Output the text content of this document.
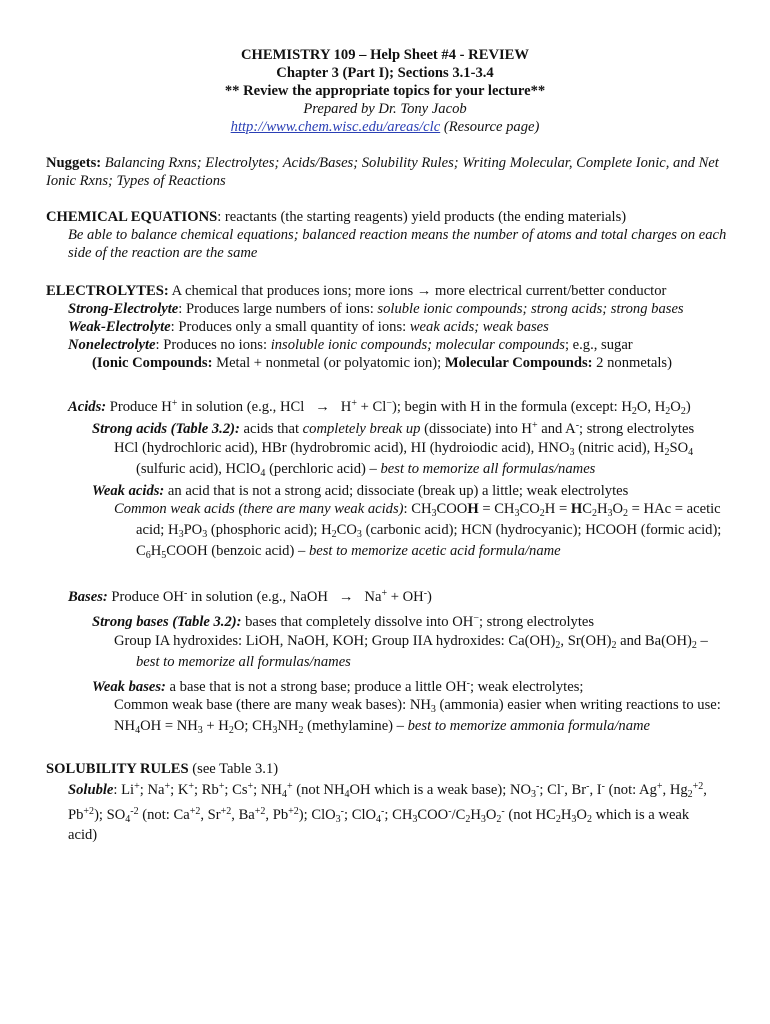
CHEMISTRY 109 – Help Sheet #4 - REVIEW
Chapter 3 (Part I); Sections 3.1-3.4
** Review the appropriate topics for your lecture**
Prepared by Dr. Tony Jacob
http://www.chem.wisc.edu/areas/clc (Resource page)
Nuggets: Balancing Rxns; Electrolytes; Acids/Bases; Solubility Rules; Writing Molecular, Complete Ionic, and Net
Ionic Rxns; Types of Reactions
CHEMICAL EQUATIONS: reactants (the starting reagents) yield products (the ending materials)
Be able to balance chemical equations; balanced reaction means the number of atoms and total charges on each
side of the reaction are the same
ELECTROLYTES: A chemical that produces ions; more ions → more electrical current/better conductor
Strong-Electrolyte: Produces large numbers of ions: soluble ionic compounds; strong acids; strong bases
Weak-Electrolyte: Produces only a small quantity of ions: weak acids; weak bases
Nonelectrolyte: Produces no ions: insoluble ionic compounds; molecular compounds; e.g., sugar
(Ionic Compounds: Metal + nonmetal (or polyatomic ion); Molecular Compounds: 2 nonmetals)
Acids: Produce H+ in solution (e.g., HCl   →   H+ + Cl−); begin with H in the formula (except: $H_2O$, $H_2O_2$)
Strong acids (Table 3.2): acids that completely break up (dissociate) into H+ and A-; strong electrolytes
HCl (hydrochloric acid), HBr (hydrobromic acid), HI (hydroiodic acid), $HNO_3$ (nitric acid), $H_2SO_4$
(sulfuric acid), HClO$_4$ (perchloric acid) – best to memorize all formulas/names
Weak acids: an acid that is not a strong acid; dissociate (break up) a little; weak electrolytes
Common weak acids (there are many weak acids): $CH_3COOH = CH_3CO_2H = HC_2H_3O_2$ = HAc = acetic
acid; $H_3PO_3$ (phosphoric acid); $H_2CO_3$ (carbonic acid); HCN (hydrocyanic); HCOOH (formic acid);
$C_6H_5COOH$ (benzoic acid) – best to memorize acetic acid formula/name
Bases: Produce OH- in solution (e.g., NaOH   →   Na+ + OH-)
Strong bases (Table 3.2): bases that completely dissolve into OH−; strong electrolytes
Group IA hydroxides: LiOH, NaOH, KOH; Group IIA hydroxides: $Ca(OH)_2$, $Sr(OH)_2$ and $Ba(OH)_2$ –
best to memorize all formulas/names
Weak bases: a base that is not a strong base; produce a little OH-; weak electrolytes;
Common weak base (there are many weak bases): $NH_3$ (ammonia) easier when writing reactions to use:
$NH_4OH = NH_3 + H_2O$; $CH_3NH_2$ (methylamine) – best to memorize ammonia formula/name
SOLUBILITY RULES (see Table 3.1)
Soluble: Li+; Na+; K+; Rb+; Cs+; $NH_4^+$ (not $NH_4OH$ which is a weak base); $NO_3^-$; Cl-, Br-, I- (not: Ag+, $Hg_2^{+2}$,
$Pb^{+2}$); $SO_4^{-2}$ (not: $Ca^{+2}$, $Sr^{+2}$, $Ba^{+2}$, $Pb^{+2}$); ClO$_3$-; ClO$_4$-; $CH_3COO^-/C_2H_3O_2^-$ (not $HC_2H_3O_2$ which is a weak
acid)
